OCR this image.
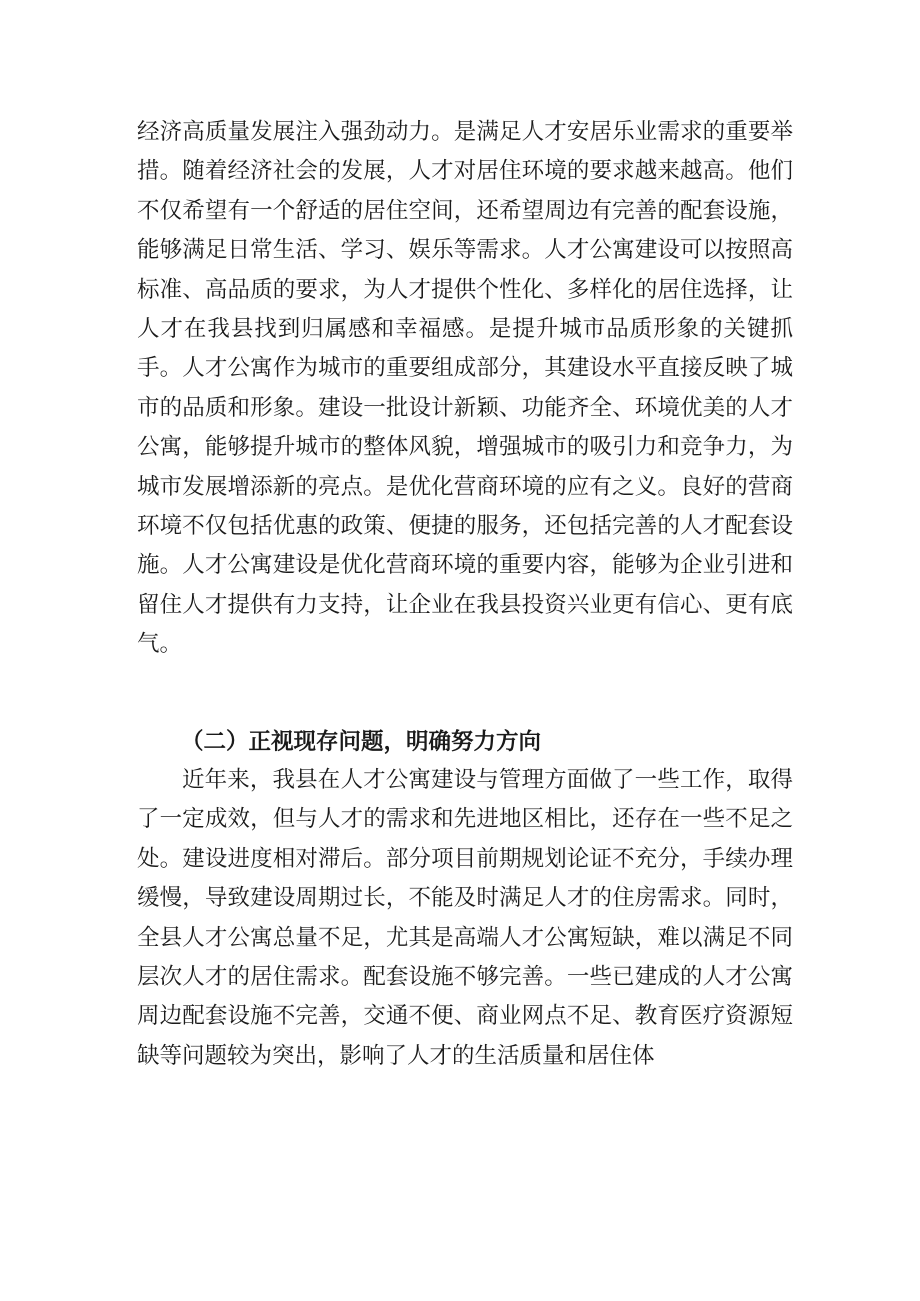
经济高质量发展注入强劲动力。是满足人才安居乐业需求的重要举措。随着经济社会的发展，人才对居住环境的要求越来越高。他们不仅希望有一个舒适的居住空间，还希望周边有完善的配套设施，能够满足日常生活、学习、娱乐等需求。人才公寓建设可以按照高标准、高品质的要求，为人才提供个性化、多样化的居住选择，让人才在我县找到归属感和幸福感。是提升城市品质形象的关键抓手。人才公寓作为城市的重要组成部分，其建设水平直接反映了城市的品质和形象。建设一批设计新颖、功能齐全、环境优美的人才公寓，能够提升城市的整体风貌，增强城市的吸引力和竞争力，为城市发展增添新的亮点。是优化营商环境的应有之义。良好的营商环境不仅包括优惠的政策、便捷的服务，还包括完善的人才配套设施。人才公寓建设是优化营商环境的重要内容，能够为企业引进和留住人才提供有力支持，让企业在我县投资兴业更有信心、更有底气。
（二）正视现存问题，明确努力方向
近年来，我县在人才公寓建设与管理方面做了一些工作，取得了一定成效，但与人才的需求和先进地区相比，还存在一些不足之处。建设进度相对滞后。部分项目前期规划论证不充分，手续办理缓慢，导致建设周期过长，不能及时满足人才的住房需求。同时，全县人才公寓总量不足，尤其是高端人才公寓短缺，难以满足不同层次人才的居住需求。配套设施不够完善。一些已建成的人才公寓周边配套设施不完善，交通不便、商业网点不足、教育医疗资源短缺等问题较为突出，影响了人才的生活质量和居住体
